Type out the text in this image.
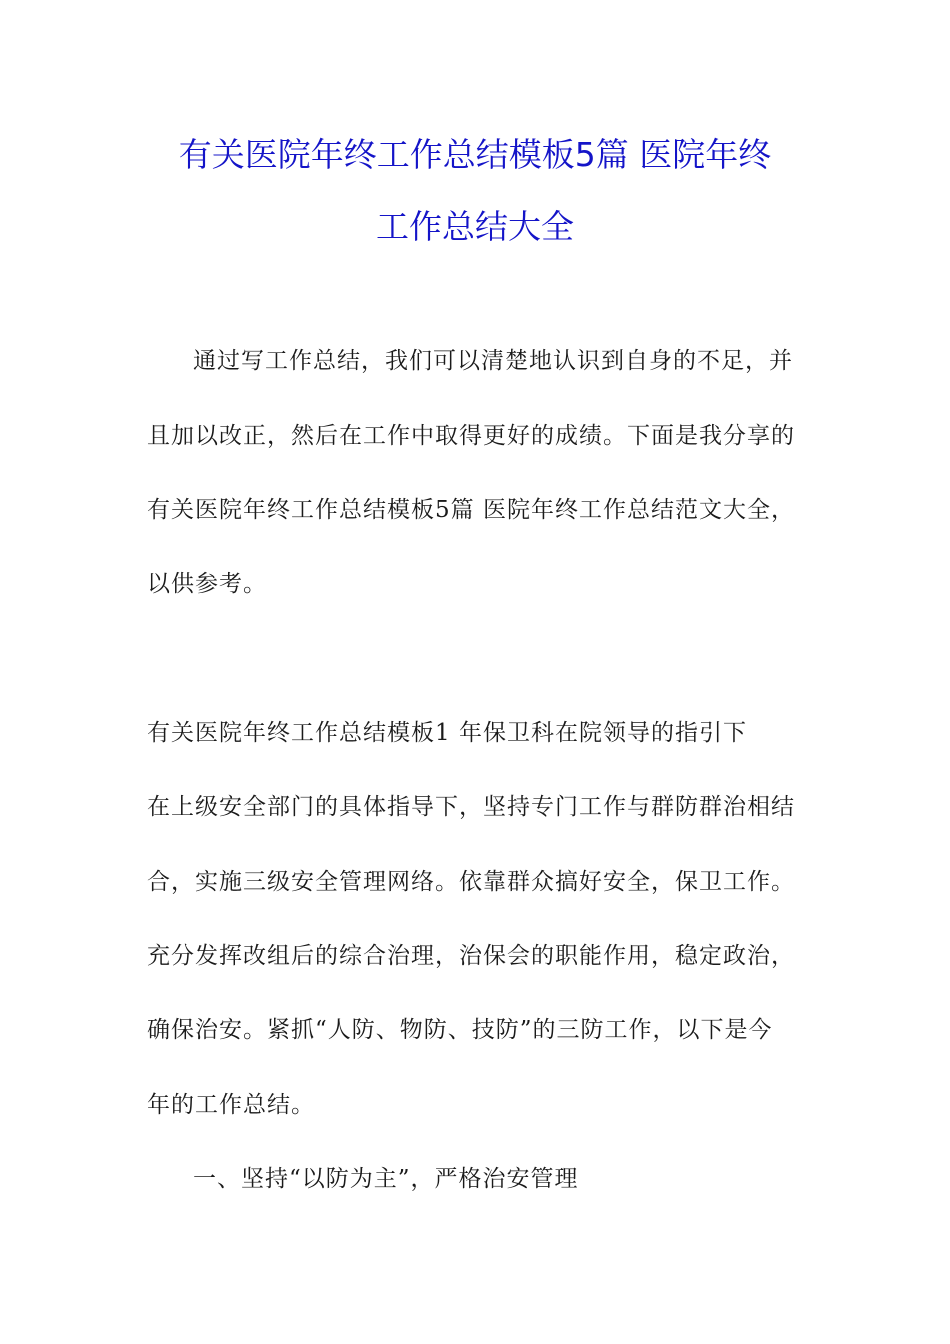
有关医院年终工作总结模板5篇 医院年终
工作总结大全
通过写工作总结，我们可以清楚地认识到自身的不足，并
且加以改正，然后在工作中取得更好的成绩。下面是我分享的
有关医院年终工作总结模板5篇 医院年终工作总结范文大全，
以供参考。
有关医院年终工作总结模板1 年保卫科在院领导的指引下
在上级安全部门的具体指导下，坚持专门工作与群防群治相结
合，实施三级安全管理网络。依靠群众搞好安全，保卫工作。
充分发挥改组后的综合治理，治保会的职能作用，稳定政治，
确保治安。紧抓“人防、物防、技防”的三防工作，以下是今
年的工作总结。
一、坚持“以防为主”，严格治安管理
